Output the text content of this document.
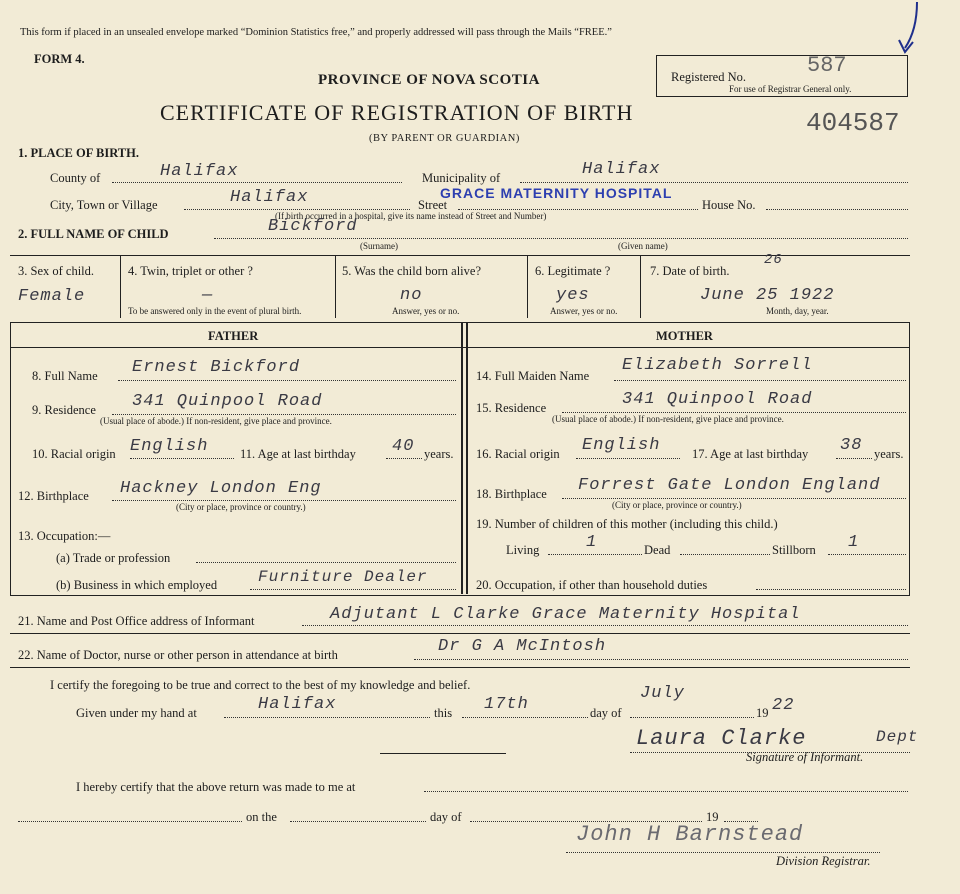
This form if placed in an unsealed envelope marked “Dominion Statistics free,” and properly addressed will pass through the Mails “FREE.”
FORM 4.
PROVINCE OF NOVA SCOTIA
CERTIFICATE OF REGISTRATION OF BIRTH
(BY PARENT OR GUARDIAN)
Registered No.	587
For use of Registrar General only.
404587
1. PLACE OF BIRTH.
County of	Halifax	Municipality of	Halifax
City, Town or Village	Halifax	Street
GRACE MATERNITY HOSPITAL
House No.
(If birth occurred in a hospital, give its name instead of Street and Number)
2. FULL NAME OF CHILD	Bickford
(Surname)	(Given name)
3. Sex of child.
Female
4. Twin, triplet or other ?
—
To be answered only in the event of plural birth.
5. Was the child born alive?
no
Answer, yes or no.
6. Legitimate ?
yes
Answer, yes or no.
7. Date of birth.
26
June 25 1922
Month, day, year.
FATHER	MOTHER
8. Full Name Ernest Bickford
9. Residence 341 Quinpool Road
(Usual place of abode.) If non-resident, give place and province.
10. Racial origin English	11. Age at last birthday 40 years.
12. Birthplace Hackney London Eng
(City or place, province or country.)
13. Occupation:—
(a) Trade or profession
(b) Business in which employed	Furniture Dealer
14. Full Maiden Name
Elizabeth Sorrell
15. Residence	341 Quinpool Road
(Usual place of abode.) If non-resident, give place and province.
16. Racial origin English	17. Age at last birthday 38 years.
18. Birthplace Forrest Gate London England
(City or place, province or country.)
19. Number of children of this mother (including this child.)
Living	1	Dead	Stillborn 1
20. Occupation, if other than household duties
21. Name and Post Office address of Informant	Adjutant L Clarke Grace Maternity Hospital
22. Name of Doctor, nurse or other person in attendance at birth	Dr G A McIntosh
I certify the foregoing to be true and correct to the best of my knowledge and belief.
Given under my hand at	Halifax	this 17th	day of
July
19 22
Laura Clarke	Dept
Signature of Informant.
I hereby certify that the above return was made to me at
on the	day of	19
John H Barnstead
Division Registrar.
